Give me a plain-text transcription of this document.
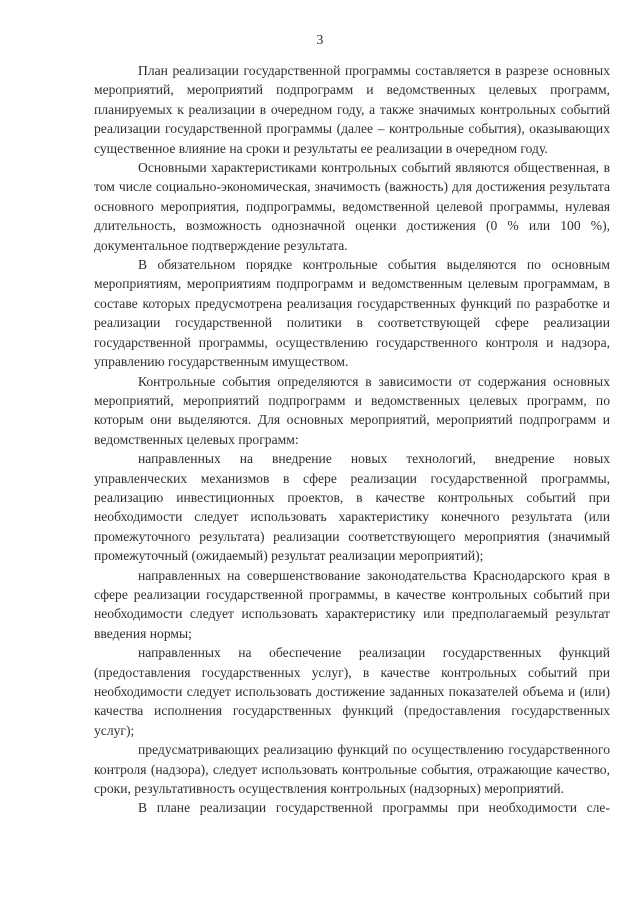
3

План реализации государственной программы составляется в разрезе основных мероприятий, мероприятий подпрограмм и ведомственных целевых программ, планируемых к реализации в очередном году, а также значимых контрольных событий реализации государственной программы (далее – контрольные события), оказывающих существенное влияние на сроки и результаты ее реализации в очередном году.

Основными характеристиками контрольных событий являются общественная, в том числе социально-экономическая, значимость (важность) для достижения результата основного мероприятия, подпрограммы, ведомственной целевой программы, нулевая длительность, возможность однозначной оценки достижения (0 % или 100 %), документальное подтверждение результата.

В обязательном порядке контрольные события выделяются по основным мероприятиям, мероприятиям подпрограмм и ведомственным целевым программам, в составе которых предусмотрена реализация государственных функций по разработке и реализации государственной политики в соответствующей сфере реализации государственной программы, осуществлению государственного контроля и надзора, управлению государственным имуществом.

Контрольные события определяются в зависимости от содержания основных мероприятий, мероприятий подпрограмм и ведомственных целевых программ, по которым они выделяются. Для основных мероприятий, мероприятий подпрограмм и ведомственных целевых программ:

направленных на внедрение новых технологий, внедрение новых управленческих механизмов в сфере реализации государственной программы, реализацию инвестиционных проектов, в качестве контрольных событий при необходимости следует использовать характеристику конечного результата (или промежуточного результата) реализации соответствующего мероприятия (значимый промежуточный (ожидаемый) результат реализации мероприятий);

направленных на совершенствование законодательства Краснодарского края в сфере реализации государственной программы, в качестве контрольных событий при необходимости следует использовать характеристику или предполагаемый результат введения нормы;

направленных на обеспечение реализации государственных функций (предоставления государственных услуг), в качестве контрольных событий при необходимости следует использовать достижение заданных показателей объема и (или) качества исполнения государственных функций (предоставления государственных услуг);

предусматривающих реализацию функций по осуществлению государственного контроля (надзора), следует использовать контрольные события, отражающие качество, сроки, результативность осуществления контрольных (надзорных) мероприятий.

В плане реализации государственной программы при необходимости сле-
